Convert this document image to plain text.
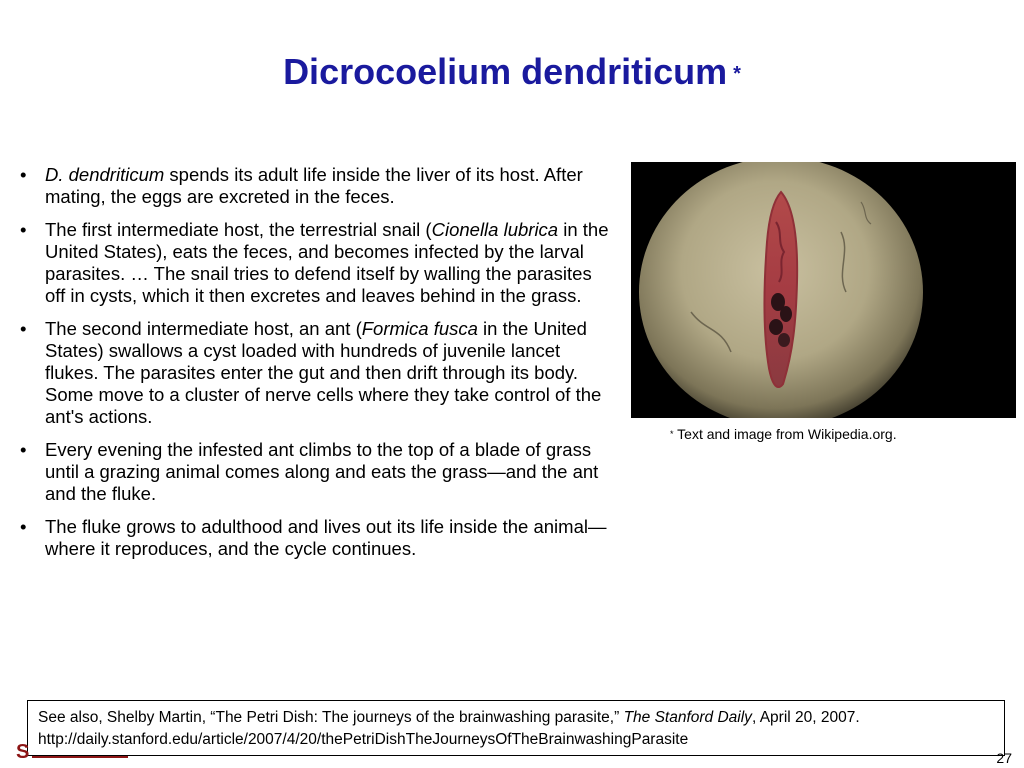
Dicrocoelium dendriticum *
• D. dendriticum spends its adult life inside the liver of its host. After mating, the eggs are excreted in the feces.
• The first intermediate host, the terrestrial snail (Cionella lubrica in the United States), eats the feces, and becomes infected by the larval parasites. … The snail tries to defend itself by walling the parasites off in cysts, which it then excretes and leaves behind in the grass.
• The second intermediate host, an ant (Formica fusca in the United States) swallows a cyst loaded with hundreds of juvenile lancet flukes. The parasites enter the gut and then drift through its body. Some move to a cluster of nerve cells where they take control of the ant's actions.
• Every evening the infested ant climbs to the top of a blade of grass until a grazing animal comes along and eats the grass—and the ant and the fluke.
• The fluke grows to adulthood and lives out its life inside the animal—where it reproduces, and the cycle continues.
* Text and image from Wikipedia.org.
See also, Shelby Martin, “The Petri Dish: The journeys of the brainwashing parasite,” The Stanford Daily, April 20, 2007. http://daily.stanford.edu/article/2007/4/20/thePetriDishTheJourneysOfTheBrainwashingParasite
S	27
